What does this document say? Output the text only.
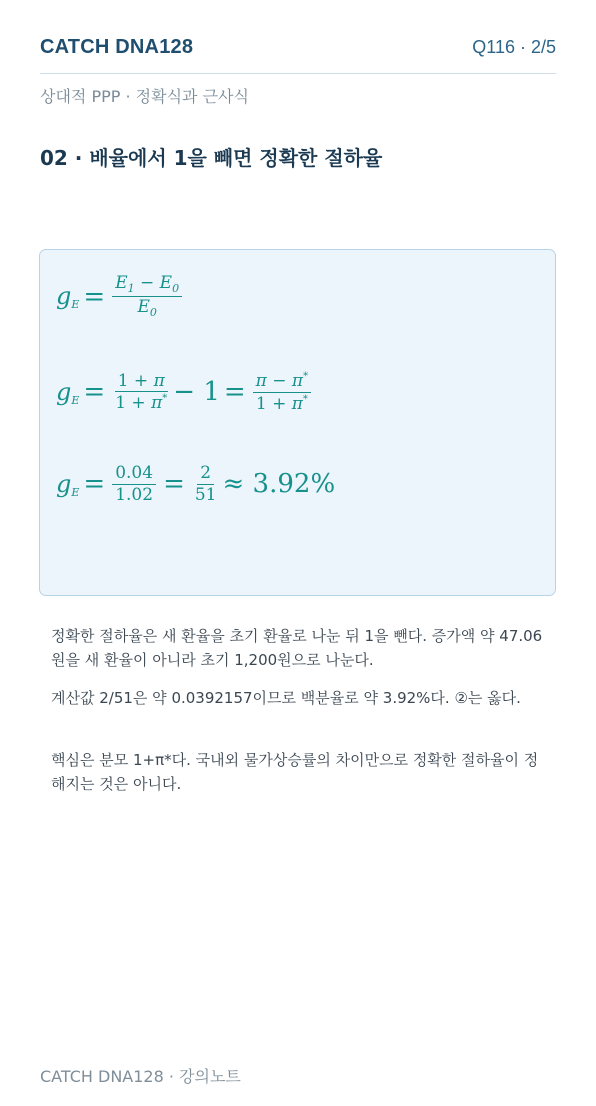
CATCH DNA128	Q116 · 2/5
상대적 PPP · 정확식과 근사식
02 · 배율에서 1을 빼면 정확한 절하율
$g_E = \frac{E_1 - E_0}{E_0}$
$g_E = \frac{1 + \pi}{1 + \pi^*} - 1 = \frac{\pi - \pi^*}{1 + \pi^*}$
$g_E = \frac{0.04}{1.02} = \frac{2}{51} \approx 3.92\%$
정확한 절하율은 새 환율을 초기 환율로 나눈 뒤 1을 뺀다. 증가액 약 47.06원을 새 환율이 아니라 초기 1,200원으로 나눈다.
계산값 2/51은 약 0.0392157이므로 백분율로 약 3.92%다. ②는 옳다.
핵심은 분모 1+π*다. 국내외 물가상승률의 차이만으로 정확한 절하율이 정해지는 것은 아니다.
CATCH DNA128 · 강의노트
